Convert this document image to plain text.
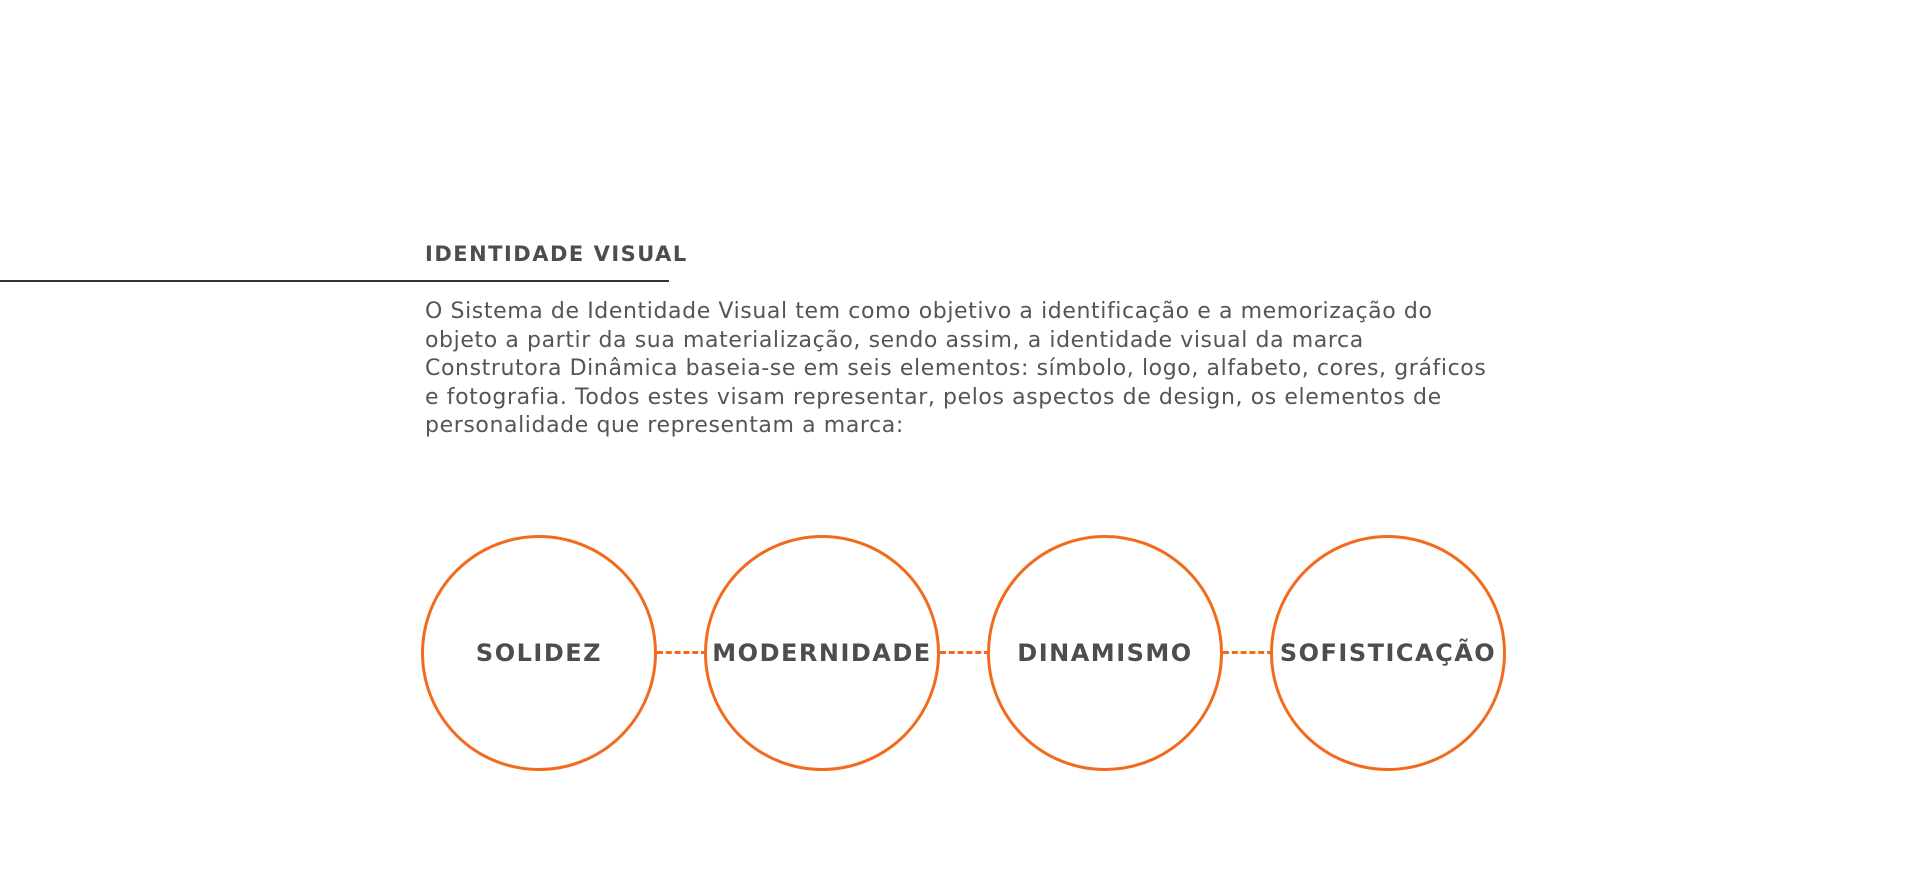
IDENTIDADE VISUAL

O Sistema de Identidade Visual tem como objetivo a identificação e a memorização do
objeto a partir da sua materialização, sendo assim, a identidade visual da marca
Construtora Dinâmica baseia-se em seis elementos: símbolo, logo, alfabeto, cores, gráficos
e fotografia. Todos estes visam representar, pelos aspectos de design, os elementos de
personalidade que representam a marca:

SOLIDEZ	MODERNIDADE	DINAMISMO	SOFISTICAÇÃO
